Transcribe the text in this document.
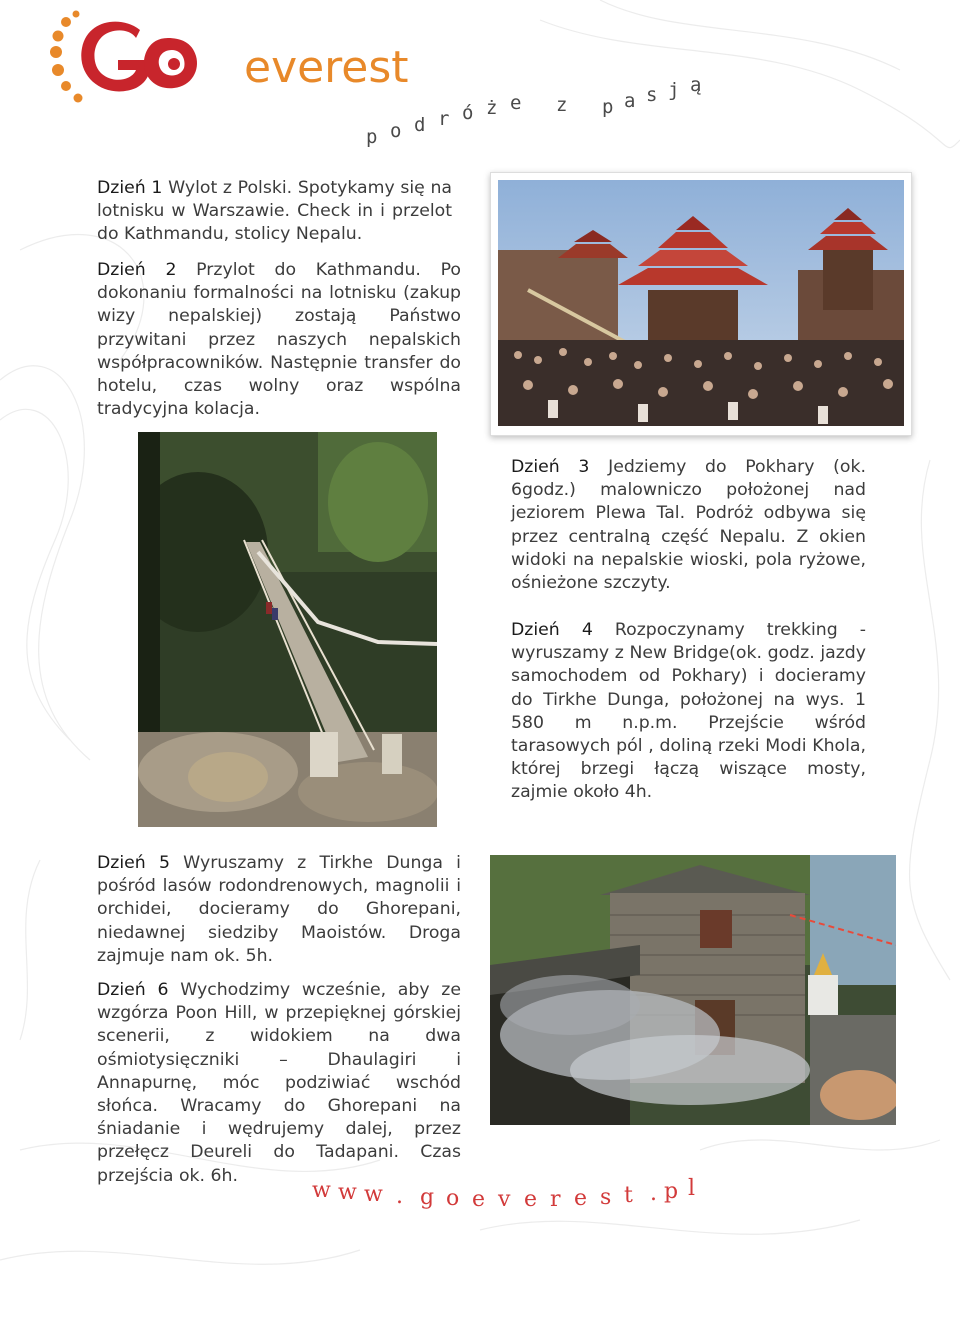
everest
p o d r ó ż e z p a s j ą
Dzień 1 Wylot z Polski. Spotykamy się na lotnisku w Warszawie. Check in i przelot do Kathmandu, stolicy Nepalu.
Dzień 2 Przylot do Kathmandu. Po dokonaniu formalności na lotnisku (zakup wizy nepalskiej) zostają Państwo przywitani przez naszych nepalskich współpracowników. Następnie transfer do hotelu, czas wolny oraz wspólna tradycyjna kolacja.
Dzień 3 Jedziemy do Pokhary (ok. 6godz.) malowniczo położonej nad jeziorem Plewa Tal. Podróż odbywa się przez centralną część Nepalu. Z okien widoki na nepalskie wioski, pola ryżowe, ośnieżone szczyty.
Dzień 4 Rozpoczynamy trekking - wyruszamy z New Bridge(ok. godz. jazdy samochodem od Pokhary) i docieramy do Tirkhe Dunga, położonej na wys. 1 580 m n.p.m. Przejście wśród tarasowych pól , doliną rzeki Modi Khola, której brzegi łączą wiszące mosty, zajmie około 4h.
Dzień 5 Wyruszamy z Tirkhe Dunga i pośród lasów rodondrenowych, magnolii i orchidei, docieramy do Ghorepani, niedawnej siedziby Maoistów. Droga zajmuje nam ok. 5h.
Dzień 6 Wychodzimy wcześnie, aby ze wzgórza Poon Hill, w przepięknej górskiej scenerii, z widokiem na dwa ośmiotysięczniki – Dhaulagiri i Annapurnę, móc podziwiać wschód słońca. Wracamy do Ghorepani na śniadanie i wędrujemy dalej, przez przełęcz Deureli do Tadapani. Czas przejścia ok. 6h.
w w w . g o e v e r e s t . p l
